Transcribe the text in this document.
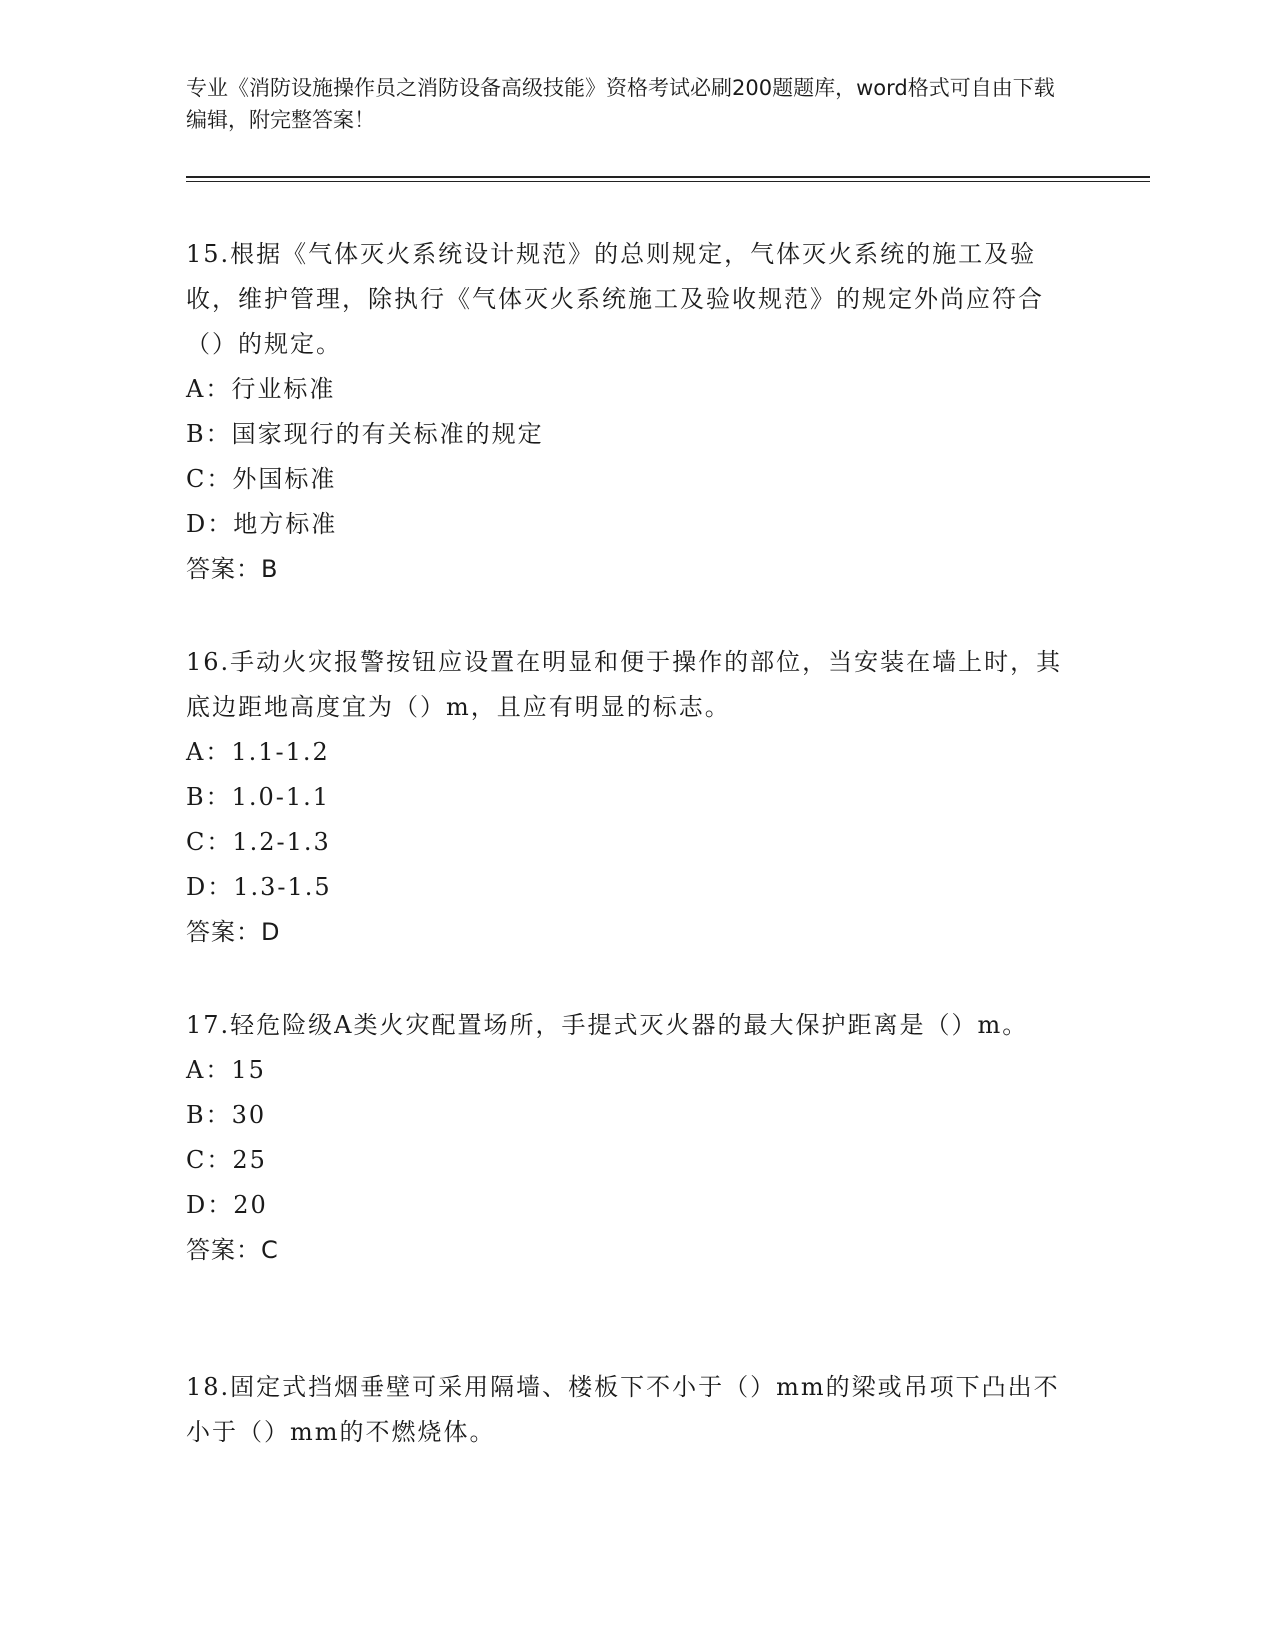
专业《消防设施操作员之消防设备高级技能》资格考试必刷200题题库，word格式可自由下载编辑，附完整答案！

15.根据《气体灭火系统设计规范》的总则规定，气体灭火系统的施工及验收，维护管理，除执行《气体灭火系统施工及验收规范》的规定外尚应符合（）的规定。

A：行业标准
B：国家现行的有关标准的规定
C：外国标准
D：地方标准
答案：B

16.手动火灾报警按钮应设置在明显和便于操作的部位，当安装在墙上时，其底边距地高度宜为（）m，且应有明显的标志。

A：1.1-1.2
B：1.0-1.1
C：1.2-1.3
D：1.3-1.5
答案：D

17.轻危险级A类火灾配置场所，手提式灭火器的最大保护距离是（）m。

A：15
B：30
C：25
D：20
答案：C

18.固定式挡烟垂壁可采用隔墙、楼板下不小于（）mm的梁或吊项下凸出不小于（）mm的不燃烧体。
